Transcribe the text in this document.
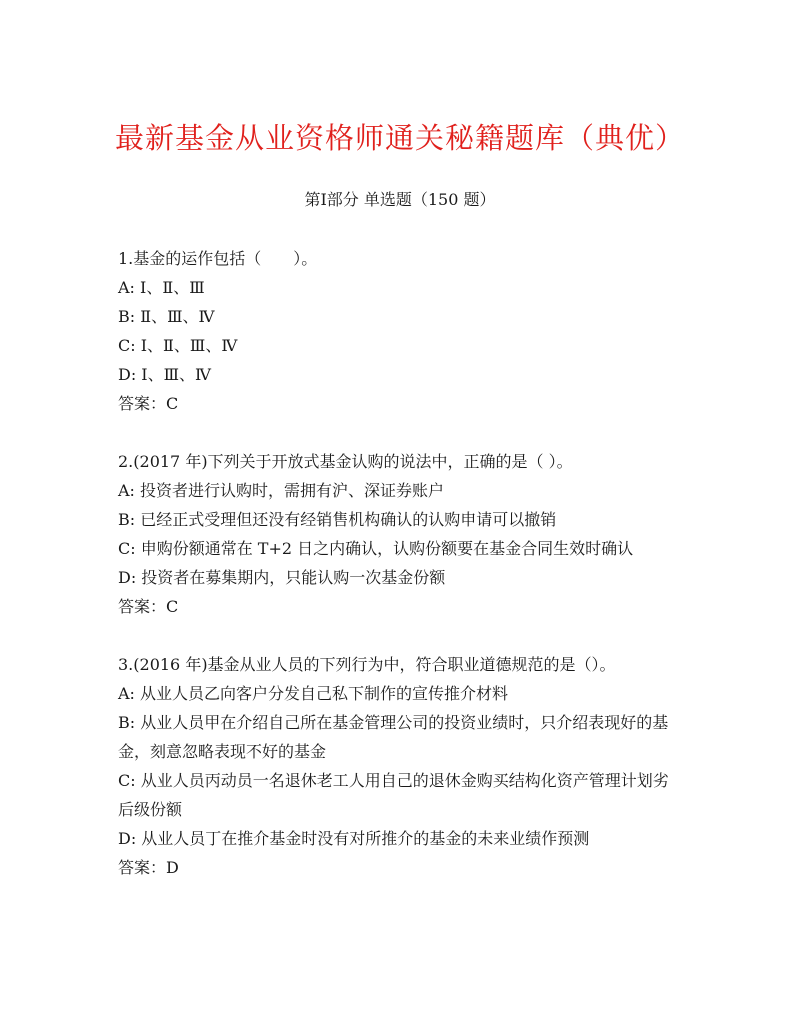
最新基金从业资格师通关秘籍题库（典优）
第Ⅰ部分 单选题（150 题）
1.基金的运作包括（　　）。
A: Ⅰ、Ⅱ、Ⅲ
B: Ⅱ、Ⅲ、Ⅳ
C: Ⅰ、Ⅱ、Ⅲ、Ⅳ
D: Ⅰ、Ⅲ、Ⅳ
答案：C
2.(2017 年)下列关于开放式基金认购的说法中，正确的是（ ）。
A: 投资者进行认购时，需拥有沪、深证券账户
B: 已经正式受理但还没有经销售机构确认的认购申请可以撤销
C: 申购份额通常在 T+2 日之内确认，认购份额要在基金合同生效时确认
D: 投资者在募集期内，只能认购一次基金份额
答案：C
3.(2016 年)基金从业人员的下列行为中，符合职业道德规范的是（）。
A: 从业人员乙向客户分发自己私下制作的宣传推介材料
B: 从业人员甲在介绍自己所在基金管理公司的投资业绩时，只介绍表现好的基金，刻意忽略表现不好的基金
C: 从业人员丙动员一名退休老工人用自己的退休金购买结构化资产管理计划劣后级份额
D: 从业人员丁在推介基金时没有对所推介的基金的未来业绩作预测
答案：D
